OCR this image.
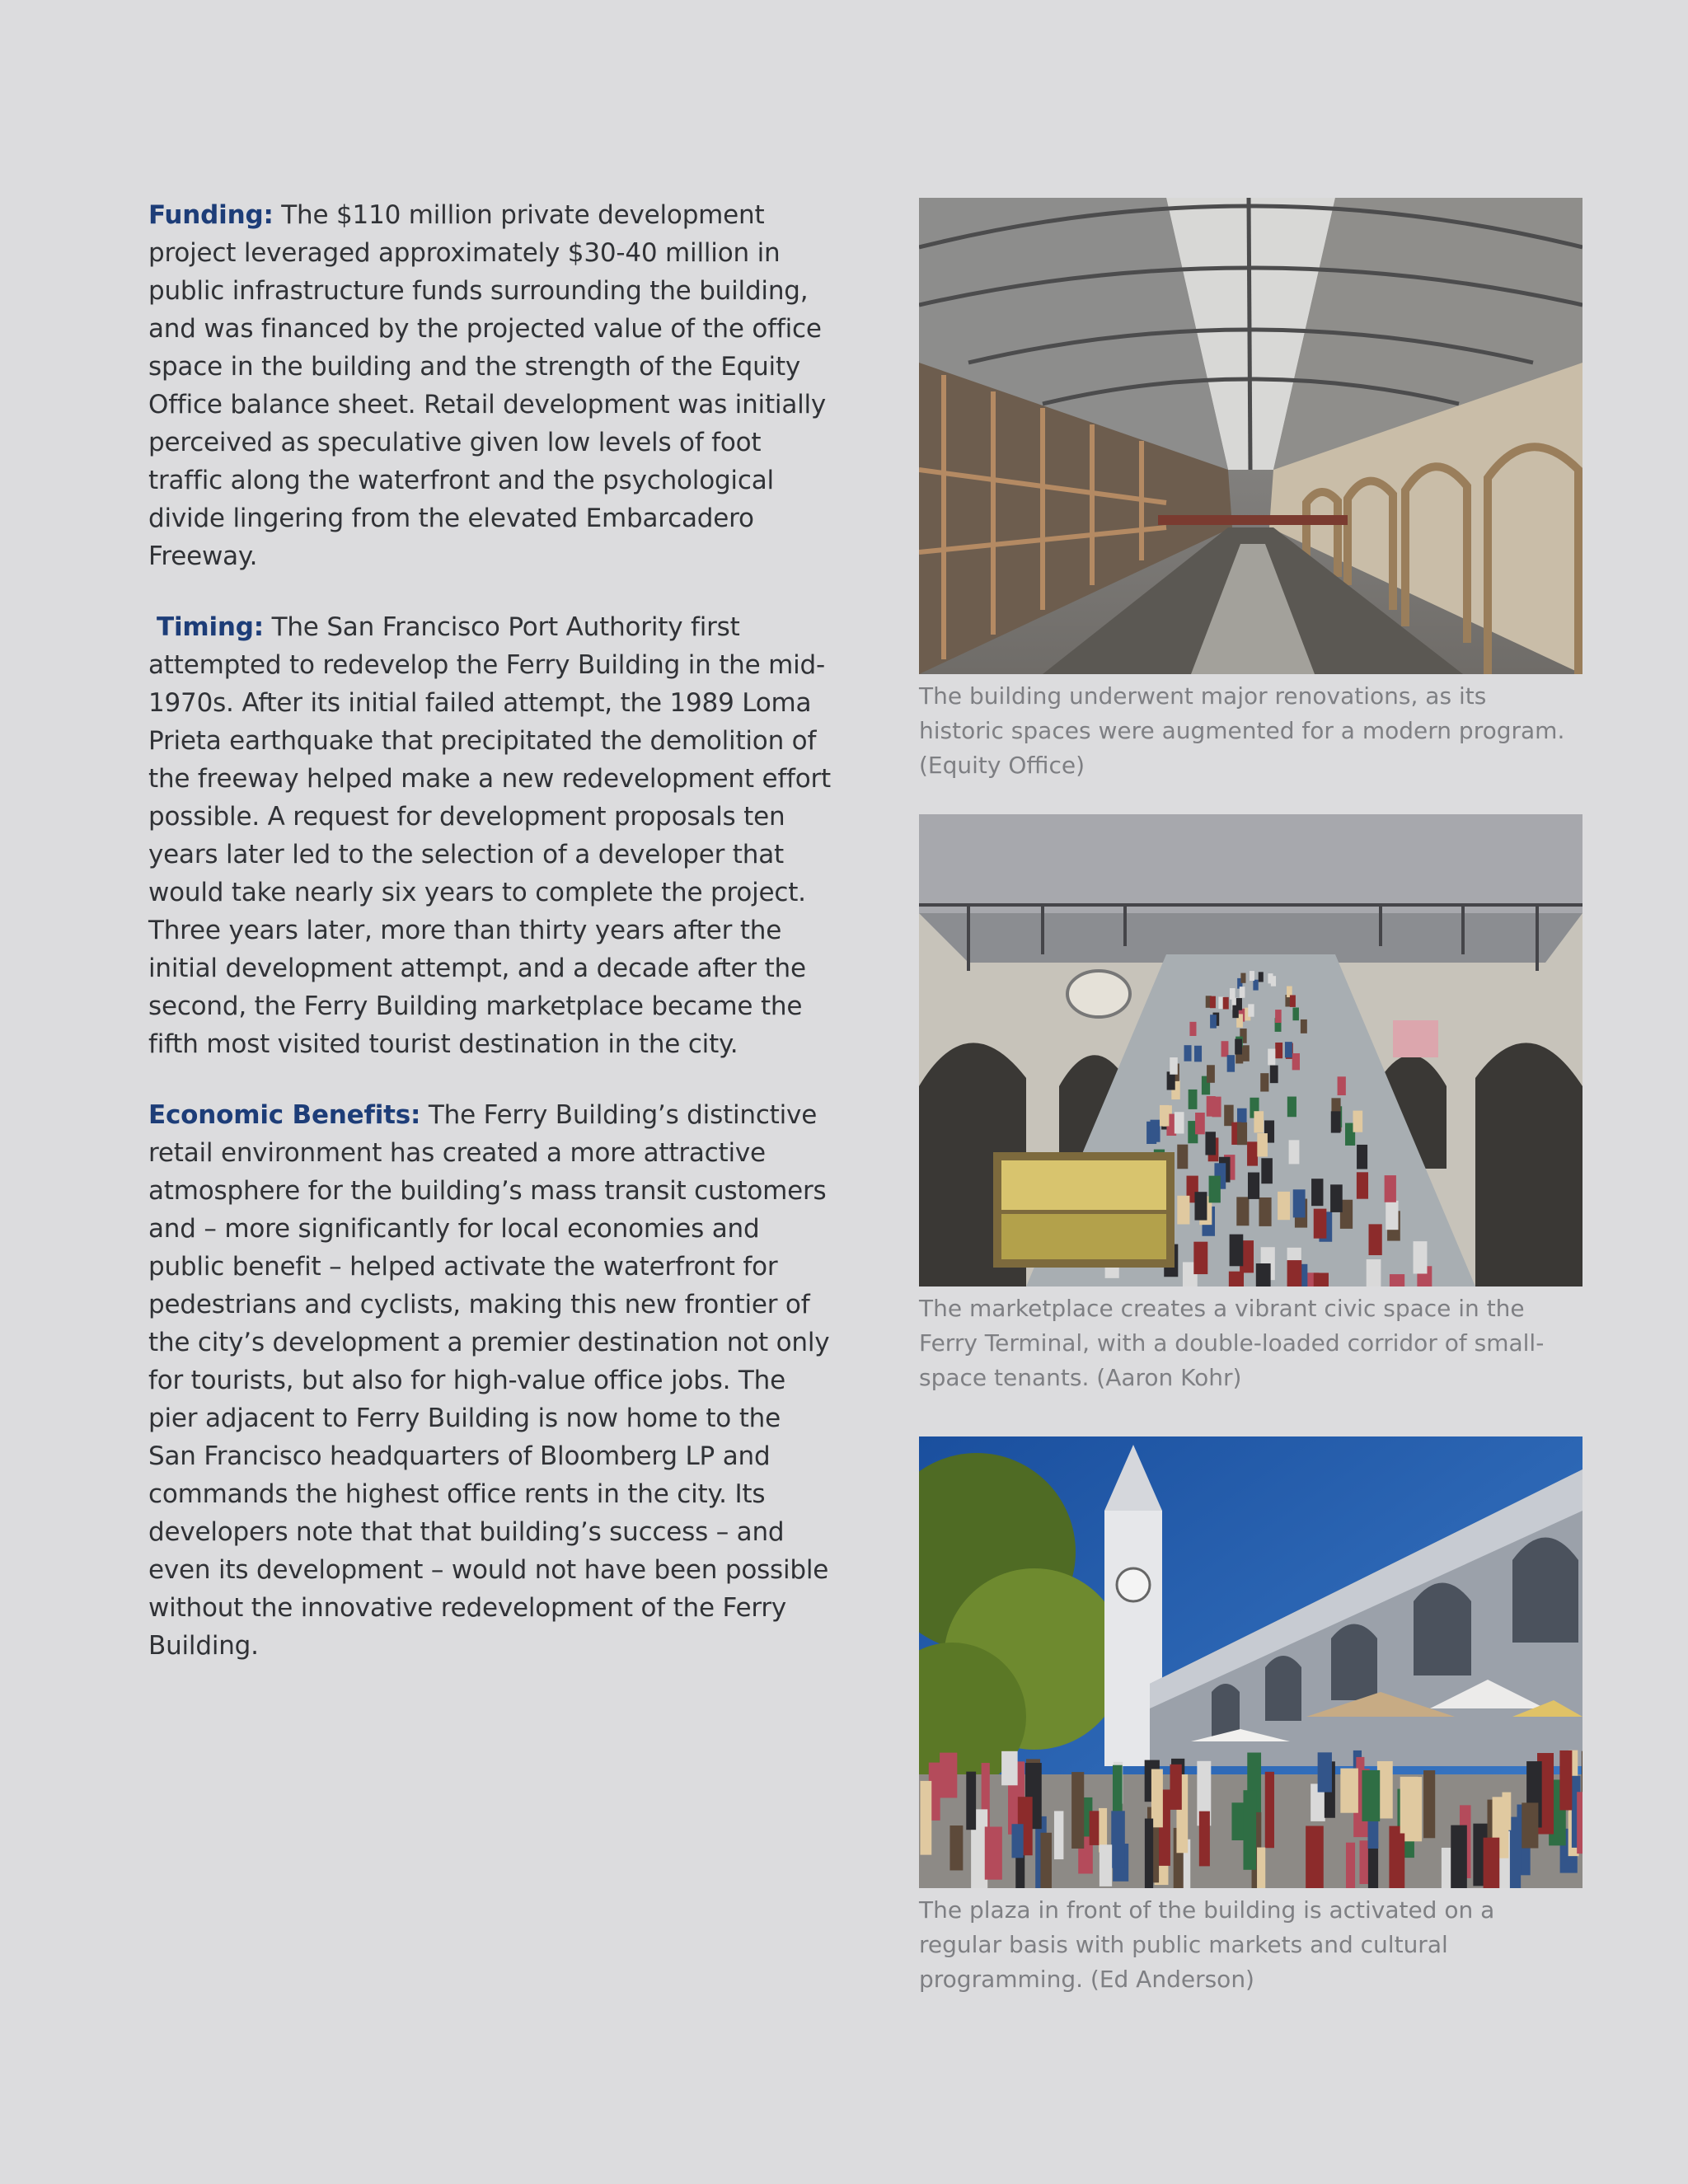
Funding: The $110 million private development project leveraged approximately $30-40 million in public infrastructure funds surrounding the building, and was financed by the projected value of the office space in the building and the strength of the Equity Office balance sheet. Retail development was initially perceived as speculative given low levels of foot traffic along the waterfront and the psychological divide lingering from the elevated Embarcadero Freeway.

Timing: The San Francisco Port Authority first attempted to redevelop the Ferry Building in the mid-1970s. After its initial failed attempt, the 1989 Loma Prieta earthquake that precipitated the demolition of the freeway helped make a new redevelopment effort possible. A request for development proposals ten years later led to the selection of a developer that would take nearly six years to complete the project. Three years later, more than thirty years after the initial development attempt, and a decade after the second, the Ferry Building marketplace became the fifth most visited tourist destination in the city.

Economic Benefits: The Ferry Building’s distinctive retail environment has created a more attractive atmosphere for the building’s mass transit customers and – more significantly for local economies and public benefit – helped activate the waterfront for pedestrians and cyclists, making this new frontier of the city’s development a premier destination not only for tourists, but also for high-value office jobs. The pier adjacent to Ferry Building is now home to the San Francisco headquarters of Bloomberg LP and commands the highest office rents in the city. Its developers note that that building’s success – and even its development – would not have been possible without the innovative redevelopment of the Ferry Building.

The building underwent major renovations, as its historic spaces were augmented for a modern program. (Equity Office)
The marketplace creates a vibrant civic space in the Ferry Terminal, with a double-loaded corridor of small-space tenants. (Aaron Kohr)
The plaza in front of the building is activated on a regular basis with public markets and cultural programming. (Ed Anderson)
